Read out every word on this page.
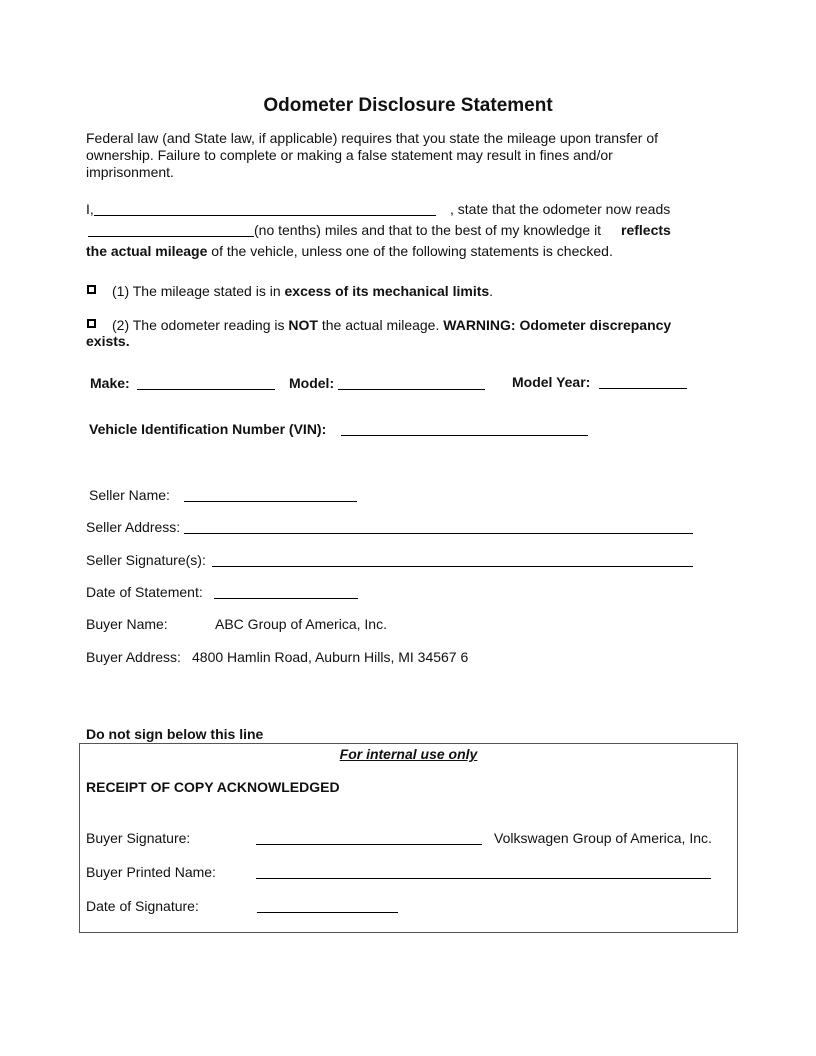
Odometer Disclosure Statement
Federal law (and State law, if applicable) requires that you state the mileage upon transfer of
ownership. Failure to complete or making a false statement may result in fines and/or
imprisonment.
I,	, state that the odometer now reads
(no tenths) miles and that to the best of my knowledge it reflects
the actual mileage of the vehicle, unless one of the following statements is checked.
(1) The mileage stated is in excess of its mechanical limits.
(2) The odometer reading is NOT the actual mileage. WARNING: Odometer discrepancy
exists.
Make:	Model:	Model Year:
Vehicle Identification Number (VIN):
Seller Name:
Seller Address:
Seller Signature(s):
Date of Statement:
Buyer Name:	ABC Group of America, Inc.
Buyer Address: 4800 Hamlin Road, Auburn Hills, MI 34567 6
Do not sign below this line
For internal use only
RECEIPT OF COPY ACKNOWLEDGED
Buyer Signature:	Volkswagen Group of America, Inc.
Buyer Printed Name:
Date of Signature:
